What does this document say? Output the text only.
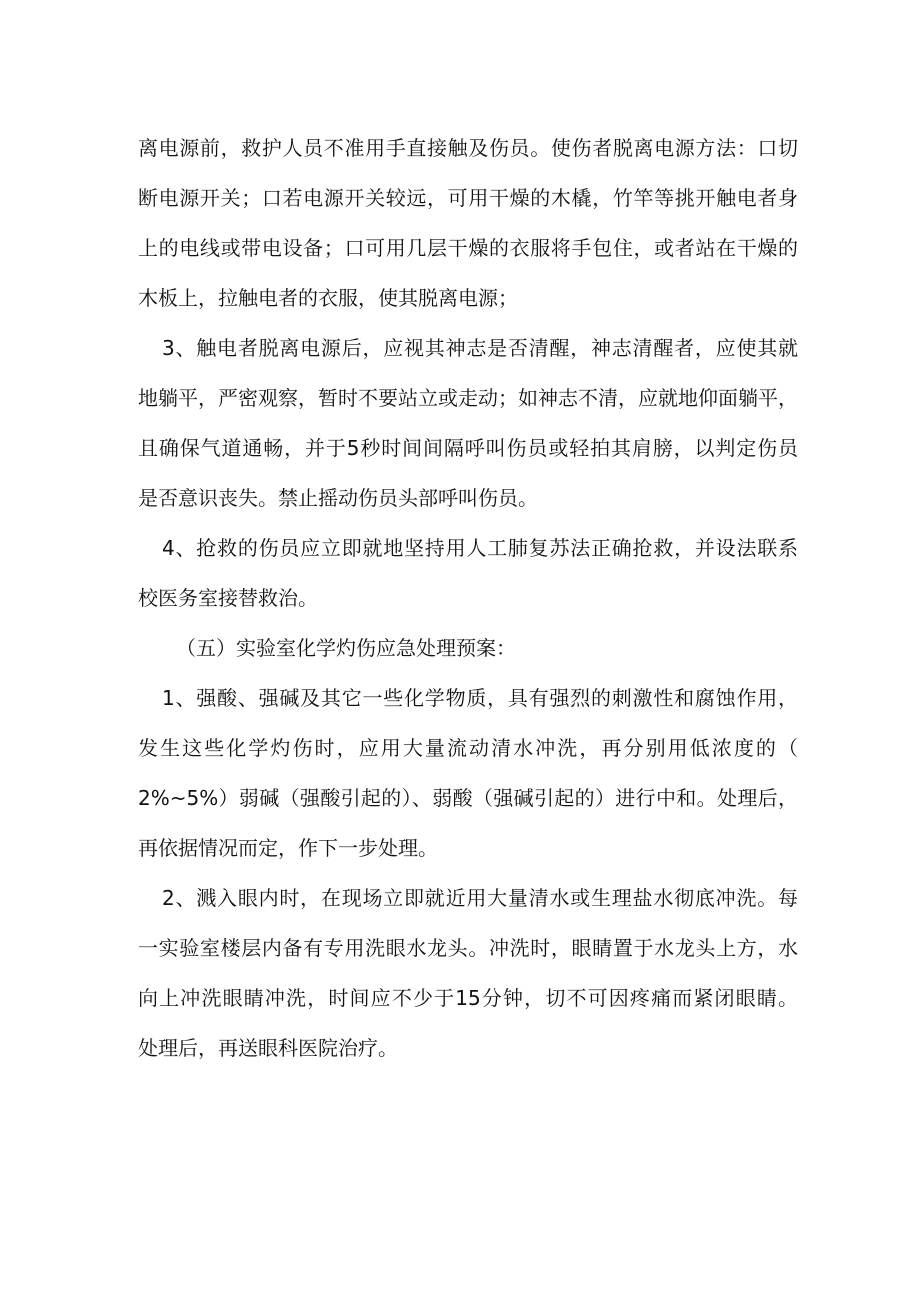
离电源前，救护人员不准用手直接触及伤员。使伤者脱离电源方法：口切
断电源开关；口若电源开关较远，可用干燥的木橇，竹竿等挑开触电者身
上的电线或带电设备；口可用几层干燥的衣服将手包住，或者站在干燥的
木板上，拉触电者的衣服，使其脱离电源；
3、触电者脱离电源后，应视其神志是否清醒，神志清醒者，应使其就
地躺平，严密观察，暂时不要站立或走动；如神志不清，应就地仰面躺平，
且确保气道通畅，并于5秒时间间隔呼叫伤员或轻拍其肩膀，以判定伤员
是否意识丧失。禁止摇动伤员头部呼叫伤员。
4、抢救的伤员应立即就地坚持用人工肺复苏法正确抢救，并设法联系
校医务室接替救治。
（五）实验室化学灼伤应急处理预案：
1、强酸、强碱及其它一些化学物质，具有强烈的刺激性和腐蚀作用，
发生这些化学灼伤时，应用大量流动清水冲洗，再分别用低浓度的（
2%~5%）弱碱（强酸引起的）、弱酸（强碱引起的）进行中和。处理后，
再依据情况而定，作下一步处理。
2、溅入眼内时，在现场立即就近用大量清水或生理盐水彻底冲洗。每
一实验室楼层内备有专用洗眼水龙头。冲洗时，眼睛置于水龙头上方，水
向上冲洗眼睛冲洗，时间应不少于15分钟，切不可因疼痛而紧闭眼睛。
处理后，再送眼科医院治疗。
